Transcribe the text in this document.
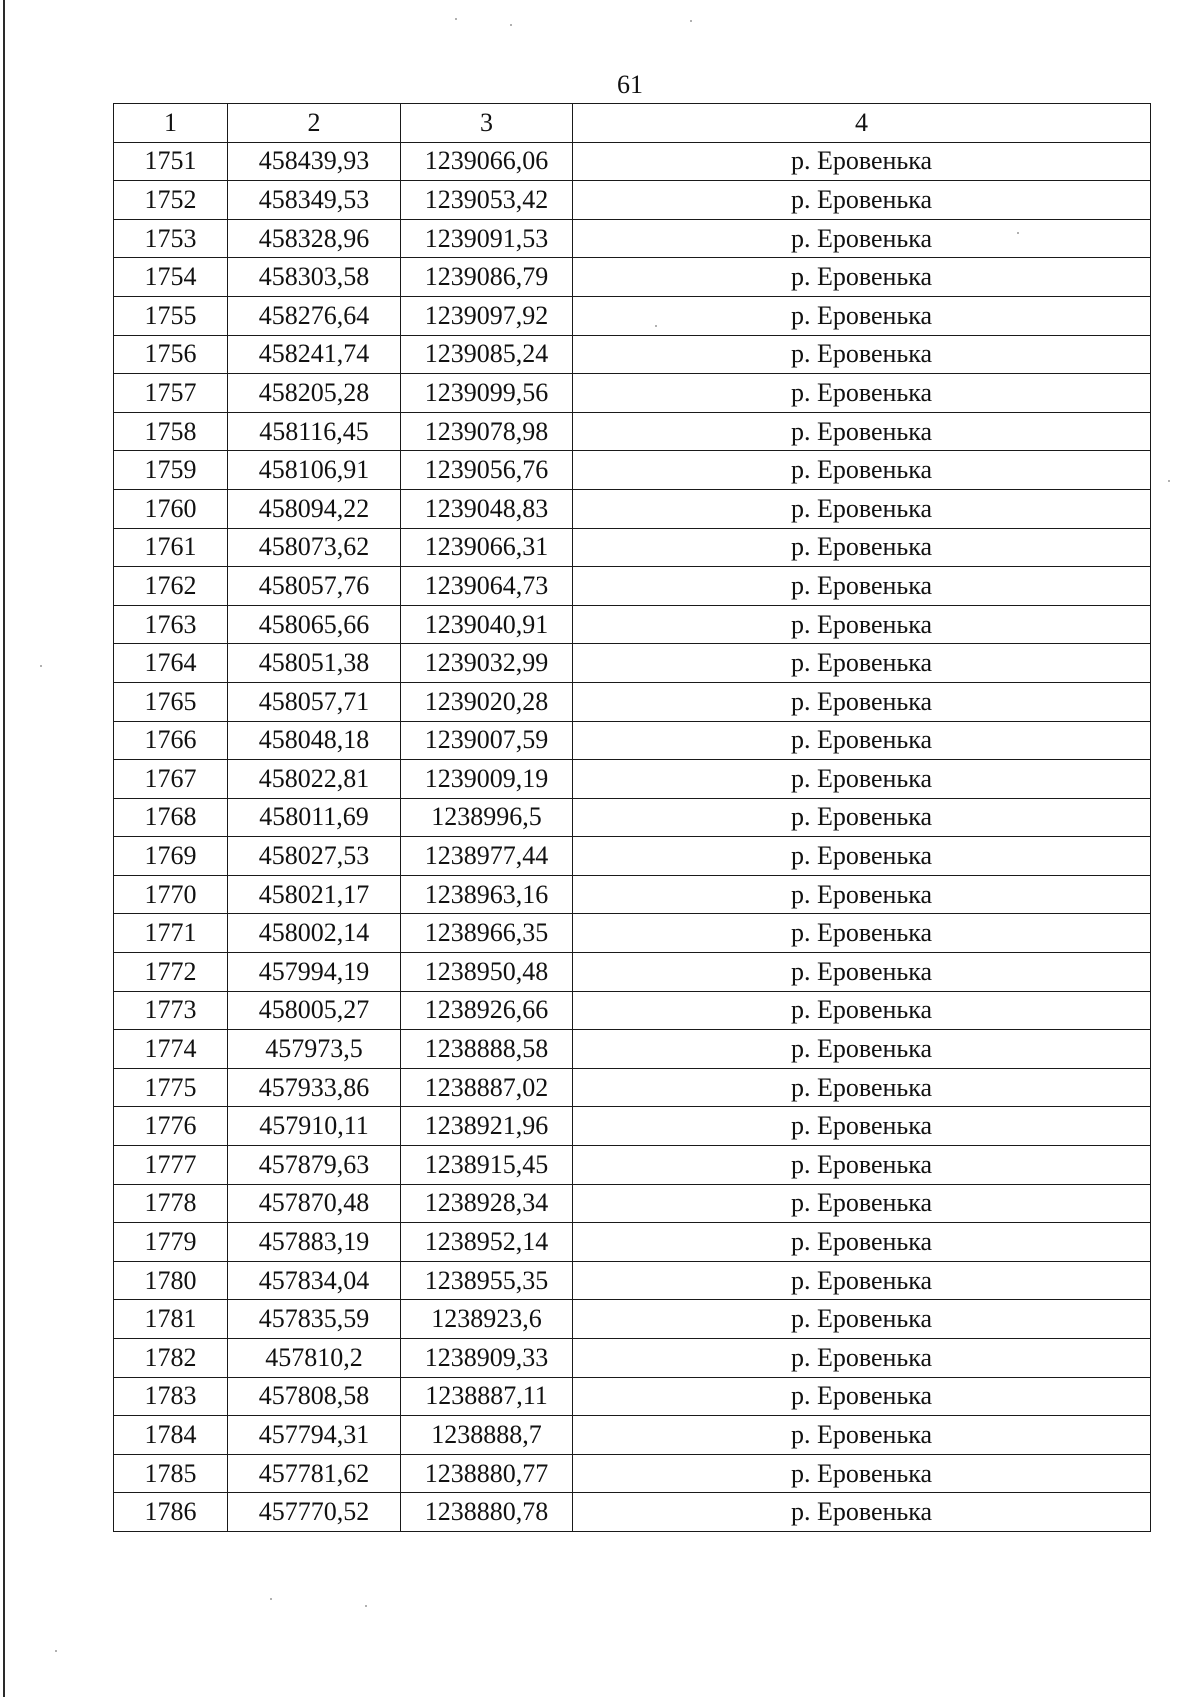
61
1	2	3	4
1751	458439,93	1239066,06	р. Еровенька
1752	458349,53	1239053,42	р. Еровенька
1753	458328,96	1239091,53	р. Еровенька
1754	458303,58	1239086,79	р. Еровенька
1755	458276,64	1239097,92	р. Еровенька
1756	458241,74	1239085,24	р. Еровенька
1757	458205,28	1239099,56	р. Еровенька
1758	458116,45	1239078,98	р. Еровенька
1759	458106,91	1239056,76	р. Еровенька
1760	458094,22	1239048,83	р. Еровенька
1761	458073,62	1239066,31	р. Еровенька
1762	458057,76	1239064,73	р. Еровенька
1763	458065,66	1239040,91	р. Еровенька
1764	458051,38	1239032,99	р. Еровенька
1765	458057,71	1239020,28	р. Еровенька
1766	458048,18	1239007,59	р. Еровенька
1767	458022,81	1239009,19	р. Еровенька
1768	458011,69	1238996,5	р. Еровенька
1769	458027,53	1238977,44	р. Еровенька
1770	458021,17	1238963,16	р. Еровенька
1771	458002,14	1238966,35	р. Еровенька
1772	457994,19	1238950,48	р. Еровенька
1773	458005,27	1238926,66	р. Еровенька
1774	457973,5	1238888,58	р. Еровенька
1775	457933,86	1238887,02	р. Еровенька
1776	457910,11	1238921,96	р. Еровенька
1777	457879,63	1238915,45	р. Еровенька
1778	457870,48	1238928,34	р. Еровенька
1779	457883,19	1238952,14	р. Еровенька
1780	457834,04	1238955,35	р. Еровенька
1781	457835,59	1238923,6	р. Еровенька
1782	457810,2	1238909,33	р. Еровенька
1783	457808,58	1238887,11	р. Еровенька
1784	457794,31	1238888,7	р. Еровенька
1785	457781,62	1238880,77	р. Еровенька
1786	457770,52	1238880,78	р. Еровенька
